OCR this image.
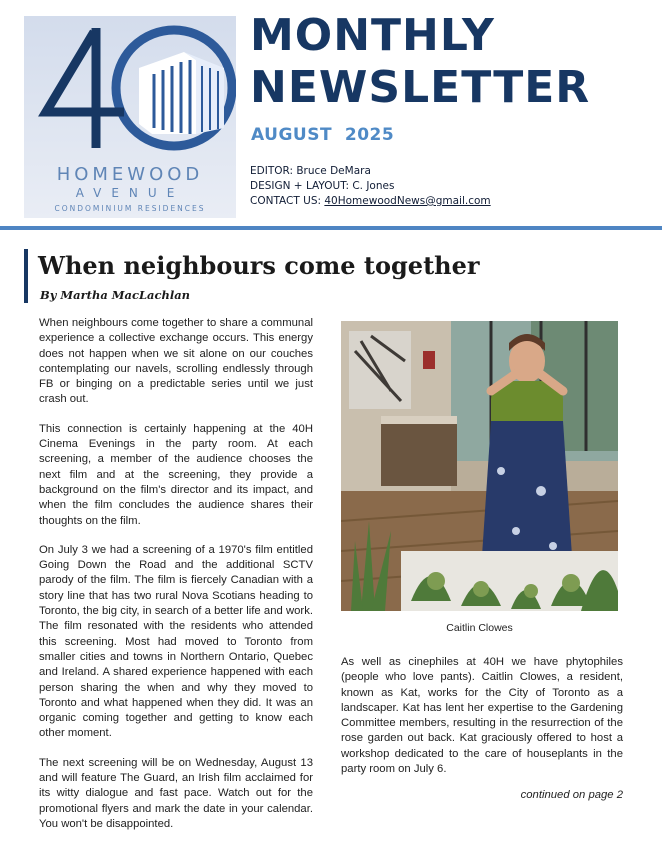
HOMEWOOD
AVENUE
CONDOMINIUM RESIDENCES
MONTHLY
NEWSLETTER
AUGUST  2025
EDITOR: Bruce DeMara
DESIGN + LAYOUT: C. Jones
CONTACT US: 40HomewoodNews@gmail.com
When neighbours come together
By Martha MacLachlan

When neighbours come together to share a communal experience a collective exchange occurs. This energy does not happen when we sit alone on our couches contemplating our navels, scrolling endlessly through FB or binging on a predictable series until we just crash out.

This connection is certainly happening at the 40H Cinema Evenings in the party room. At each screening, a member of the audience chooses the next film and at the screening, they provide a background on the film's director and its impact, and when the film concludes the audience shares their thoughts on the film.

On July 3 we had a screening of a 1970's film entitled Going Down the Road and the additional SCTV parody of the film. The film is fiercely Canadian with a story line that has two rural Nova Scotians heading to Toronto, the big city, in search of a better life and work. The film resonated with the residents who attended this screening. Most had moved to Toronto from smaller cities and towns in Northern Ontario, Quebec and Ireland. A shared experience happened with each person sharing the when and why they moved to Toronto and what happened when they did. It was an organic coming together and getting to know each other moment.

The next screening will be on Wednesday, August 13 and will feature The Guard, an Irish film acclaimed for its witty dialogue and fast pace. Watch out for the promotional flyers and mark the date in your calendar. You won't be disappointed.

Caitlin Clowes

As well as cinephiles at 40H we have phytophiles (people who love pants). Caitlin Clowes, a resident, known as Kat, works for the City of Toronto as a landscaper. Kat has lent her expertise to the Gardening Committee members, resulting in the resurrection of the rose garden out back. Kat graciously offered to host a workshop dedicated to the care of houseplants in the party room on July 6.

continued on page 2
